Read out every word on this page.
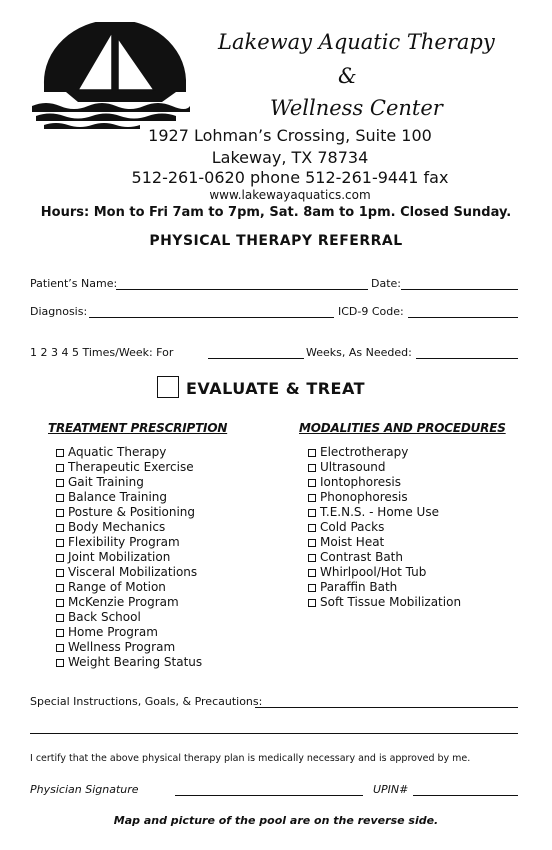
Lakeway Aquatic Therapy
&
Wellness Center
1927 Lohman’s Crossing, Suite 100
Lakeway, TX 78734
512-261-0620 phone 512-261-9441 fax
www.lakewayaquatics.com
Hours: Mon to Fri 7am to 7pm, Sat. 8am to 1pm. Closed Sunday.
PHYSICAL THERAPY REFERRAL
Patient’s Name:	Date:
Diagnosis:	ICD-9 Code:
1 2 3 4 5 Times/Week: For	Weeks, As Needed:
EVALUATE & TREAT
TREATMENT PRESCRIPTION	MODALITIES AND PROCEDURES
Aquatic Therapy
Therapeutic Exercise
Gait Training
Balance Training
Posture & Positioning
Body Mechanics
Flexibility Program
Joint Mobilization
Visceral Mobilizations
Range of Motion
McKenzie Program
Back School
Home Program
Wellness Program
Weight Bearing Status
Electrotherapy
Ultrasound
Iontophoresis
Phonophoresis
T.E.N.S. - Home Use
Cold Packs
Moist Heat
Contrast Bath
Whirlpool/Hot Tub
Paraffin Bath
Soft Tissue Mobilization
Special Instructions, Goals, & Precautions:
I certify that the above physical therapy plan is medically necessary and is approved by me.
Physician Signature	UPIN#
Map and picture of the pool are on the reverse side.
